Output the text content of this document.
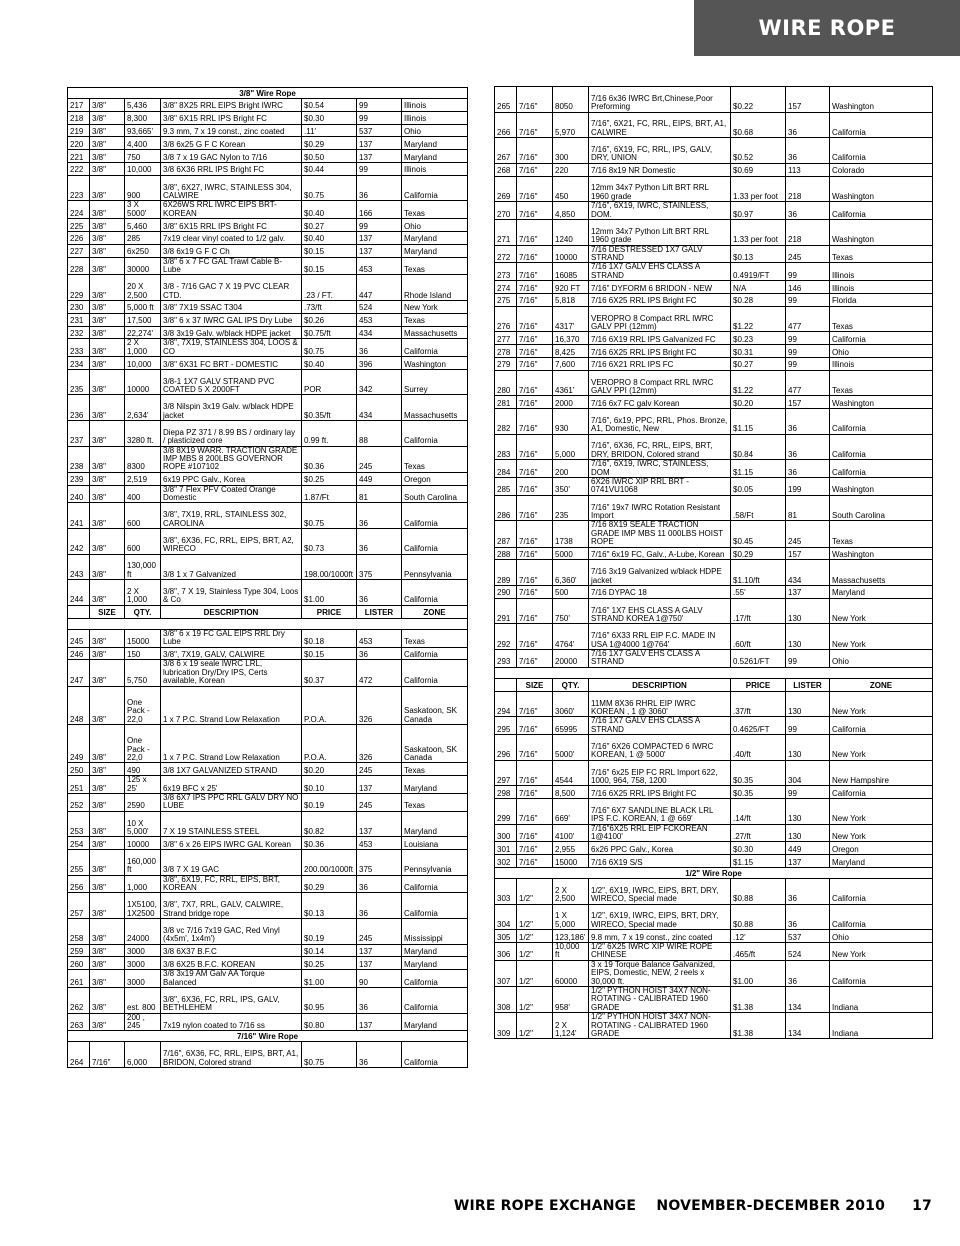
WIRE ROPE
3/8" Wire Rope						
217	3/8"	5,436	3/8" 8X25 RRL EIPS Bright IWRC	$0.54	99	Illinois
218	3/8"	8,300	3/8" 6X15 RRL IPS Bright FC	$0.30	99	Illinois
219	3/8"	93,665'	9.3 mm, 7 x 19 const., zinc coated	.11'	537	Ohio
220	3/8"	4,400	3/8 6x25 G F C Korean	$0.29	137	Maryland
221	3/8"	750	3/8 7 x 19 GAC Nylon to 7/16	$0.50	137	Maryland
222	3/8"	10,000	3/8 6X36 RRL IPS Bright FC	$0.44	99	Illinois
223	3/8"	900	3/8", 6X27, IWRC, STAINLESS 304, CALWIRE	$0.75	36	California
224	3/8"	3 X 5000'	6X26WS RRL IWRC EIPS BRT-KOREAN	$0.40	166	Texas
225	3/8"	5,460	3/8" 6X15 RRL IPS Bright FC	$0.27	99	Ohio
226	3/8"	285	7x19 clear vinyl coated to 1/2 galv.	$0.40	137	Maryland
227	3/8"	6x250	3/8 6x19 G F C Ch	$0.15	137	Maryland
228	3/8"	30000	3/8" 6 x 7 FC GAL Trawl Cable B- Lube	$0.15	453	Texas
229	3/8"	20 X 2,500	3/8 - 7/16 GAC 7 X 19 PVC CLEAR CTD.	.23 / FT.	447	Rhode Island
230	3/8"	5,000 ft	3/8" 7X19 SSAC T304	.73/ft	524	New York
231	3/8"	17,500	3/8" 6 x 37 IWRC GAL IPS Dry Lube	$0.26	453	Texas
232	3/8"	22,274'	3/8 3x19 Galv. w/black HDPE jacket	$0.75/ft	434	Massachusetts
233	3/8"	2 X 1,000	3/8", 7X19, STAINLESS 304, LOOS & CO	$0.75	36	California
234	3/8"	10,000	3/8" 6X31 FC BRT - DOMESTIC	$0.40	396	Washington
235	3/8"	10000	3/8-1 1X7 GALV STRAND PVC COATED 5 X 2000FT	POR	342	Surrey
236	3/8"	2,634'	3/8 Nilspin 3x19 Galv. w/black HDPE jacket	$0.35/ft	434	Massachusetts
237	3/8"	3280 ft.	Diepa PZ 371 / 8.99 BS / ordinary lay / plasticized core	0.99 ft.	88	California
238	3/8"	8300	3/8 8X19 WARR. TRACTION GRADE IMP MBS 8 200LBS GOVERNOR ROPE #107102	$0.36	245	Texas
239	3/8"	2,519	6x19 PPC Galv., Korea	$0.25	449	Oregon
240	3/8"	400	3/8" 7 Flex PFV Coated Orange Domestic	1.87/Ft	81	South Carolina
241	3/8"	600	3/8", 7X19, RRL, STAINLESS 302, CAROLINA	$0.75	36	California
242	3/8"	600	3/8", 6X36, FC, RRL, EIPS, BRT, A2, WIRECO	$0.73	36	California
243	3/8"	130,000 ft	3/8 1 x 7 Galvanized	198.00/1000ft	375	Pennsylvania
244	3/8"	2 X 1,000	3/8", 7 X 19, Stainless Type 304, Loos & Co	$1.00	36	California
	SIZE	QTY.	DESCRIPTION	PRICE	LISTER	ZONE

245	3/8"	15000	3/8" 6 x 19 FC GAL EIPS RRL Dry Lube	$0.18	453	Texas
246	3/8"	150	3/8", 7X19, GALV, CALWIRE	$0.15	36	California
247	3/8"	5,750	3/8 6 x 19 seale IWRC LRL, lubrication Dry/Dry IPS, Certs available, Korean	$0.37	472	California
248	3/8"	One Pack - 22,0	1 x 7 P.C. Strand Low Relaxation	P.O.A.	326	Saskatoon, SK Canada
249	3/8"	One Pack - 22,0	1 x 7 P.C. Strand Low Relaxation	P.O.A.	326	Saskatoon, SK Canada
250	3/8"	490	3/8 1X7 GALVANIZED STRAND	$0.20	245	Texas
251	3/8"	125 x 25'	6x19 BFC x 25'	$0.10	137	Maryland
252	3/8"	2590	3/8 6X7 IPS PPC RRL GALV DRY NO LUBE	$0.19	245	Texas
253	3/8"	10 X 5,000'	7 X 19 STAINLESS STEEL	$0.82	137	Maryland
254	3/8"	10000	3/8" 6 x 26 EIPS IWRC GAL Korean	$0.36	453	Louisiana
255	3/8"	160,000 ft	3/8 7 X 19 GAC	200.00/1000ft	375	Pennsylvania
256	3/8"	1,000	3/8", 6X19, FC, RRL, EIPS, BRT, KOREAN	$0.29	36	California
257	3/8"	1X5100, 1X2500	3/8", 7X7, RRL, GALV, CALWIRE, Strand bridge rope	$0.13	36	California
258	3/8"	24000	3/8 vc 7/16 7x19 GAC, Red Vinyl (4x5m', 1x4m')	$0.19	245	Mississippi
259	3/8"	3000	3/8 6X37 B.F.C	$0.14	137	Maryland
260	3/8"	3000	3/8 6X25 B.F.C. KOREAN	$0.25	137	Maryland
261	3/8"	3000	3/8 3x19 AM Galv AA Torque Balanced	$1.00	90	California
262	3/8"	est. 800	3/8", 6X36, FC, RRL, IPS, GALV, BETHLEHEM	$0.95	36	California
263	3/8"	200 , 245	7x19 nylon coated to 7/16 ss	$0.80	137	Maryland
7/16" Wire Rope						
264	7/16"	6,000	7/16", 6X36, FC, RRL, EIPS, BRT, A1, BRIDON, Colored strand	$0.75	36	California
265	7/16"	8050	7/16 6x36 IWRC Brt,Chinese,Poor Preforming	$0.22	157	Washington
266	7/16"	5,970	7/16", 6X21, FC, RRL, EIPS, BRT, A1, CALWIRE	$0.68	36	California
267	7/16"	300	7/16", 6X19, FC, RRL, IPS, GALV, DRY, UNION	$0.52	36	California
268	7/16"	220	7/16 8x19 NR Domestic	$0.69	113	Colorado
269	7/16"	450	12mm 34x7 Python Lift BRT RRL 1960 grade	1.33 per foot	218	Washington
270	7/16"	4,850	7/16", 6X19, IWRC, STAINLESS, DOM.	$0.97	36	California
271	7/16"	1240	12mm 34x7 Python Lift BRT RRL 1960 grade	1.33 per foot	218	Washington
272	7/16"	10000	7/16 DESTRESSED 1X7 GALV STRAND	$0.13	245	Texas
273	7/16"	16085	7/16 1X7 GALV EHS CLASS A STRAND	0.4919/FT	99	Illinois
274	7/16"	920 FT	7/16" DYFORM 6 BRIDON - NEW	N/A	146	Illinois
275	7/16"	5,818	7/16 6X25 RRL IPS Bright FC	$0.28	99	Florida
276	7/16"	4317'	VEROPRO 8 Compact RRL IWRC GALV PPI (12mm)	$1.22	477	Texas
277	7/16"	16,370	7/16 6X19 RRL IPS Galvanized FC	$0.23	99	California
278	7/16"	8,425	7/16 6X25 RRL IPS Bright FC	$0.31	99	Ohio
279	7/16"	7,600	7/16 6X21 RRL IPS FC	$0.27	99	Illinois
280	7/16"	4361'	VEROPRO 8 Compact RRL IWRC GALV PPI (12mm)	$1.22	477	Texas
281	7/16"	2000	7/16 6x7 FC galv Korean	$0.20	157	Washington
282	7/16"	930	7/16", 6x19, PPC, RRL, Phos. Bronze, A1, Domestic, New	$1.15	36	California
283	7/16"	5,000	7/16", 6X36, FC, RRL, EIPS, BRT, DRY, BRIDON, Colored strand	$0.84	36	California
284	7/16"	200	7/16", 6X19, IWRC, STAINLESS, DOM	$1.15	36	California
285	7/16"	350'	6X26 IWRC XIP RRL BRT - 0741VU1068	$0.05	199	Washington
286	7/16"	235	7/16" 19x7 IWRC Rotation Resistant Import	.58/Ft	81	South Carolina
287	7/16"	1738	7/16 8X19 SEALE TRACTION GRADE IMP MBS 11 000LBS HOIST ROPE	$0.45	245	Texas
288	7/16"	5000	7/16" 6x19 FC, Galv., A-Lube, Korean	$0.29	157	Washington
289	7/16"	6,360'	7/16 3x19 Galvanized w/black HDPE jacket	$1.10/ft	434	Massachusetts
290	7/16"	500	7/16 DYPAC 18	.55'	137	Maryland
291	7/16"	750'	7/16" 1X7 EHS CLASS A GALV STRAND KOREA 1@750'	.17/ft	130	New York
292	7/16"	4764'	7/16" 6X33 RRL EIP F.C. MADE IN USA 1@4000 1@764'	.60/ft	130	New York
293	7/16"	20000	7/16 1X7 GALV EHS CLASS A STRAND	0.5261/FT	99	Ohio

	SIZE	QTY.	DESCRIPTION	PRICE	LISTER	ZONE
294	7/16"	3060'	11MM 8X36 RHRL EIP IWRC KOREAN , 1 @ 3060'	.37/ft	130	New York
295	7/16"	65995	7/16 1X7 GALV EHS CLASS A STRAND	0.4625/FT	99	California
296	7/16"	5000'	7/16" 6X26 COMPACTED 6 IWRC KOREAN, 1 @ 5000'	.40/ft	130	New York
297	7/16"	4544	7/16" 6x25 EIP FC RRL Import 622, 1000, 964, 758, 1200	$0.35	304	New Hampshire
298	7/16"	8,500	7/16 6X25 RRL IPS Bright FC	$0.35	99	California
299	7/16"	669'	7/16" 6X7 SANDLINE BLACK LRL IPS F.C. KOREAN, 1 @ 669'	.14/ft	130	New York
300	7/16"	4100'	7/16"6X25 RRL EIP FCKOREAN 1@4100'	.27/ft	130	New York
301	7/16"	2,955	6x26 PPC Galv., Korea	$0.30	449	Oregon
302	7/16"	15000	7/16 6X19 S/S	$1.15	137	Maryland
1/2" Wire Rope						
303	1/2"	2 X 2,500	1/2", 6X19, IWRC, EIPS, BRT, DRY, WIRECO, Special made	$0.88	36	California
304	1/2"	1 X 5,000	1/2", 6X19, IWRC, EIPS, BRT, DRY, WIRECO, Special made	$0.88	36	California
305	1/2"	123,186'	9.8 mm, 7 x 19 const., zinc coated	.12'	537	Ohio
306	1/2"	10,000 ft	1/2" 6X25 IWRC XIP WIRE ROPE CHINESE	.465/ft	524	New York
307	1/2"	60000	3 x 19 Torque Balance Galvanized, EIPS, Domestic, NEW, 2 reels x 30,000 ft.	$1.00	36	California
308	1/2"	958'	1/2" PYTHON HOIST 34X7 NON-ROTATING - CALIBRATED 1960 GRADE	$1.38	134	Indiana
309	1/2"	2 X 1,124'	1/2" PYTHON HOIST 34X7 NON-ROTATING - CALIBRATED 1960 GRADE	$1.38	134	Indiana
WIRE ROPE EXCHANGE NOVEMBER-DECEMBER 2010 17
